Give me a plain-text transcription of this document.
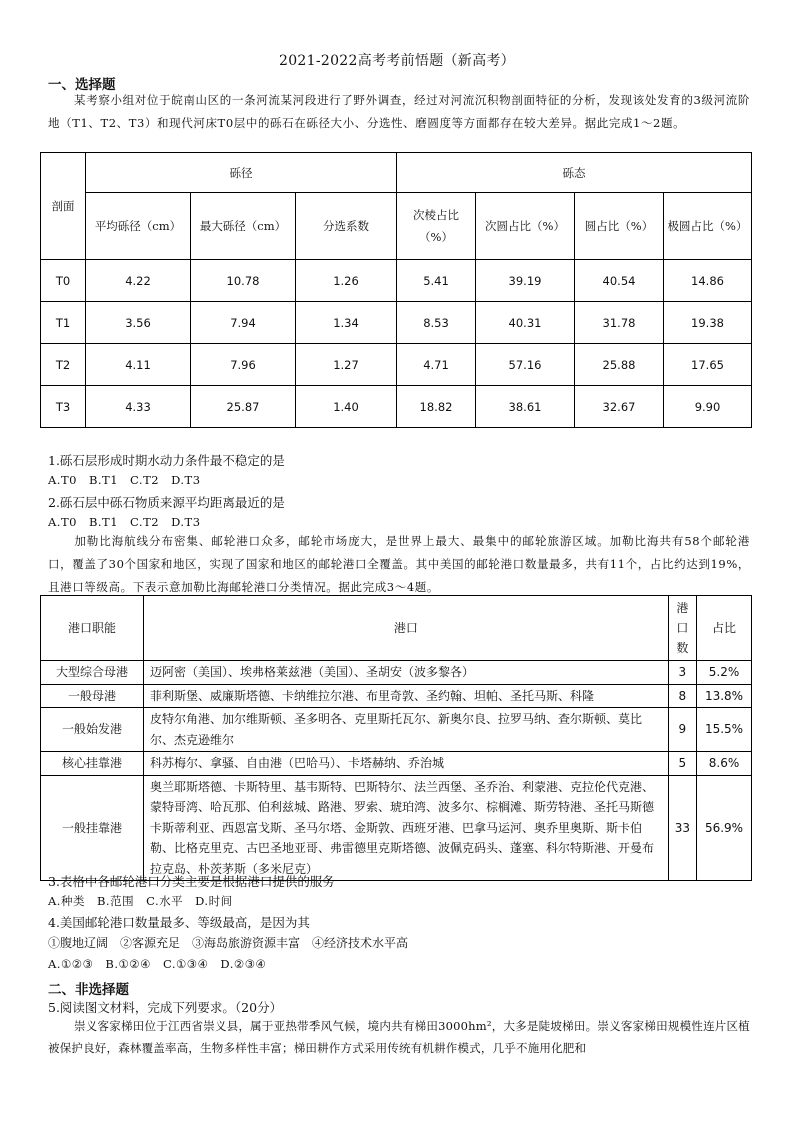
2021-2022高考考前悟题（新高考）
一、选择题
某考察小组对位于皖南山区的一条河流某河段进行了野外调查，经过对河流沉积物剖面特征的分析，发现该处发育的3级河流阶地（T1、T2、T3）和现代河床T0层中的砾石在砾径大小、分选性、磨圆度等方面都存在较大差异。据此完成1～2题。
剖面	砾径			砾态			
	平均砾径（cm）	最大砾径（cm）	分选系数	次棱占比（%）	次圆占比（%）	圆占比（%）	极圆占比（%）
T0	4.22	10.78	1.26	5.41	39.19	40.54	14.86
T1	3.56	7.94	1.34	8.53	40.31	31.78	19.38
T2	4.11	7.96	1.27	4.71	57.16	25.88	17.65
T3	4.33	25.87	1.40	18.82	38.61	32.67	9.90
1.砾石层形成时期水动力条件最不稳定的是
A.T0 B.T1 C.T2 D.T3
2.砾石层中砾石物质来源平均距离最近的是
A.T0 B.T1 C.T2 D.T3
加勒比海航线分布密集、邮轮港口众多，邮轮市场庞大，是世界上最大、最集中的邮轮旅游区域。加勒比海共有58个邮轮港口，覆盖了30个国家和地区，实现了国家和地区的邮轮港口全覆盖。其中美国的邮轮港口数量最多，共有11个，占比约达到19%，且港口等级高。下表示意加勒比海邮轮港口分类情况。据此完成3～4题。
港口职能	港口	港口数	占比
大型综合母港	迈阿密（美国）、埃弗格莱兹港（美国）、圣胡安（波多黎各）	3	5.2%
一般母港	菲利斯堡、威廉斯塔德、卡纳维拉尔港、布里奇敦、圣约翰、坦帕、圣托马斯、科隆	8	13.8%
一般始发港	皮特尔角港、加尔维斯顿、圣多明各、克里斯托瓦尔、新奥尔良、拉罗马纳、查尔斯顿、莫比尔、杰克逊维尔	9	15.5%
核心挂靠港	科苏梅尔、拿骚、自由港（巴哈马）、卡塔赫纳、乔治城	5	8.6%
一般挂靠港	奥兰耶斯塔德、卡斯特里、基韦斯特、巴斯特尔、法兰西堡、圣乔治、利蒙港、克拉伦代克港、蒙特哥湾、哈瓦那、伯利兹城、路港、罗索、琥珀湾、波多尔、棕榈滩、斯劳特港、圣托马斯德卡斯蒂利亚、西恩富戈斯、圣马尔塔、金斯敦、西班牙港、巴拿马运河、奥乔里奥斯、斯卡伯勒、比格克里克、古巴圣地亚哥、弗雷德里克斯塔德、波佩克码头、蓬塞、科尔特斯港、开曼布拉克岛、朴茨茅斯（多米尼克）	33	56.9%
3.表格中各邮轮港口分类主要是根据港口提供的服务
A.种类 B.范围 C.水平 D.时间
4.美国邮轮港口数量最多、等级最高，是因为其
①腹地辽阔 ②客源充足 ③海岛旅游资源丰富 ④经济技术水平高
A.①②③ B.①②④ C.①③④ D.②③④
二、非选择题
5.阅读图文材料，完成下列要求。（20分）
崇义客家梯田位于江西省崇义县，属于亚热带季风气候，境内共有梯田3000hm²，大多是陡坡梯田。崇义客家梯田规模性连片区植被保护良好，森林覆盖率高，生物多样性丰富；梯田耕作方式采用传统有机耕作模式，几乎不施用化肥和
